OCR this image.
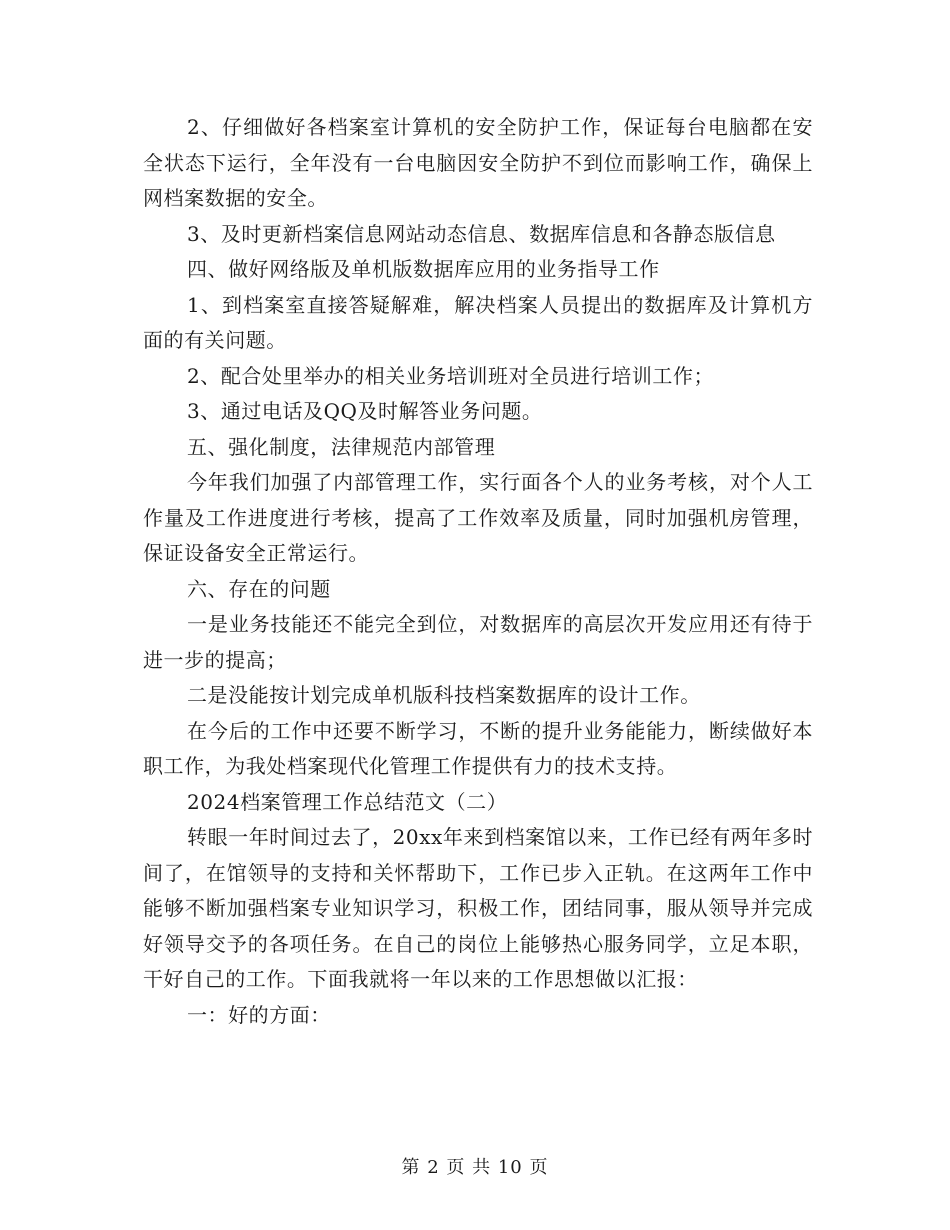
2、仔细做好各档案室计算机的安全防护工作，保证每台电脑都在安全状态下运行，全年没有一台电脑因安全防护不到位而影响工作，确保上网档案数据的安全。

3、及时更新档案信息网站动态信息、数据库信息和各静态版信息

四、做好网络版及单机版数据库应用的业务指导工作

1、到档案室直接答疑解难，解决档案人员提出的数据库及计算机方面的有关问题。

2、配合处里举办的相关业务培训班对全员进行培训工作；

3、通过电话及QQ及时解答业务问题。

五、强化制度，法律规范内部管理

今年我们加强了内部管理工作，实行面各个人的业务考核，对个人工作量及工作进度进行考核，提高了工作效率及质量，同时加强机房管理，保证设备安全正常运行。

六、存在的问题

一是业务技能还不能完全到位，对数据库的高层次开发应用还有待于进一步的提高；

二是没能按计划完成单机版科技档案数据库的设计工作。

在今后的工作中还要不断学习，不断的提升业务能能力，断续做好本职工作，为我处档案现代化管理工作提供有力的技术支持。

2024档案管理工作总结范文（二）

转眼一年时间过去了，20xx年来到档案馆以来，工作已经有两年多时间了，在馆领导的支持和关怀帮助下，工作已步入正轨。在这两年工作中能够不断加强档案专业知识学习，积极工作，团结同事，服从领导并完成好领导交予的各项任务。在自己的岗位上能够热心服务同学，立足本职，干好自己的工作。下面我就将一年以来的工作思想做以汇报：

一：好的方面：

第 2 页 共 10 页
